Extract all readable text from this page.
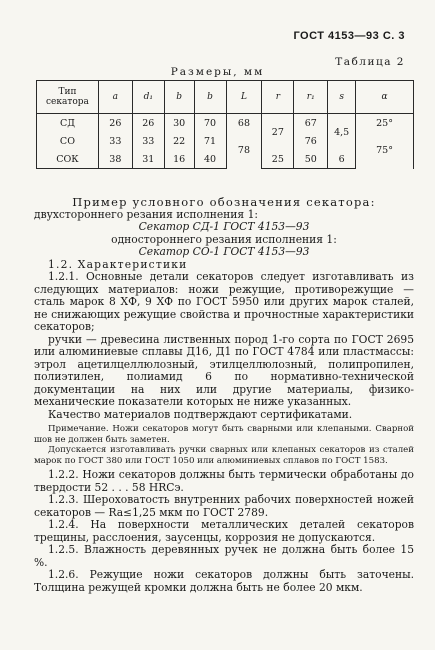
ГОСТ 4153—93 С. 3
Таблица 2
Размеры, мм
Тип секатора	a	d₁	b	b	L	r	r₁	s	α
СД	26	26	30	70	68	27	67	4,5	25°
СО	33	33	22	71	78		76		75°
СОК	38	31	16	40		25	50	6	

Пример условного обозначения секатора:

двухстороннего резания исполнения 1:

Секатор СД-1 ГОСТ 4153—93

одностороннего резания исполнения 1:

Секатор СО-1 ГОСТ 4153—93

1.2. Характеристики

1.2.1. Основные детали секаторов следует изготавливать из следующих материалов: ножи режущие, противорежущие — сталь марок 8 ХФ, 9 ХФ по ГОСТ 5950 или других марок сталей, не снижающих режущие свойства и прочностные характеристики секаторов;

ручки — древесина лиственных пород 1-го сорта по ГОСТ 2695 или алюминиевые сплавы Д16, Д1 по ГОСТ 4784 или пластмассы: этрол ацетилцеллюлозный, этилцеллюлозный, полипропилен, полиэтилен, полиамид 6 по нормативно-технической документации на них или другие материалы, физико-механические показатели которых не ниже указанных.

Качество материалов подтверждают сертификатами.

Примечание. Ножи секаторов могут быть сварными или клепаными. Сварной шов не должен быть заметен.

Допускается изготавливать ручки сварных или клепаных секаторов из сталей марок по ГОСТ 380 или ГОСТ 1050 или алюминиевых сплавов по ГОСТ 1583.

1.2.2. Ножи секаторов должны быть термически обработаны до твердости 52 . . . 58 HRCэ.

1.2.3. Шероховатость внутренних рабочих поверхностей ножей секаторов — Ra≤1,25 мкм по ГОСТ 2789.

1.2.4. На поверхности металлических деталей секаторов трещины, расслоения, заусенцы, коррозия не допускаются.

1.2.5. Влажность деревянных ручек не должна быть более 15 %.

1.2.6. Режущие ножи секаторов должны быть заточены. Толщина режущей кромки должна быть не более 20 мкм.
